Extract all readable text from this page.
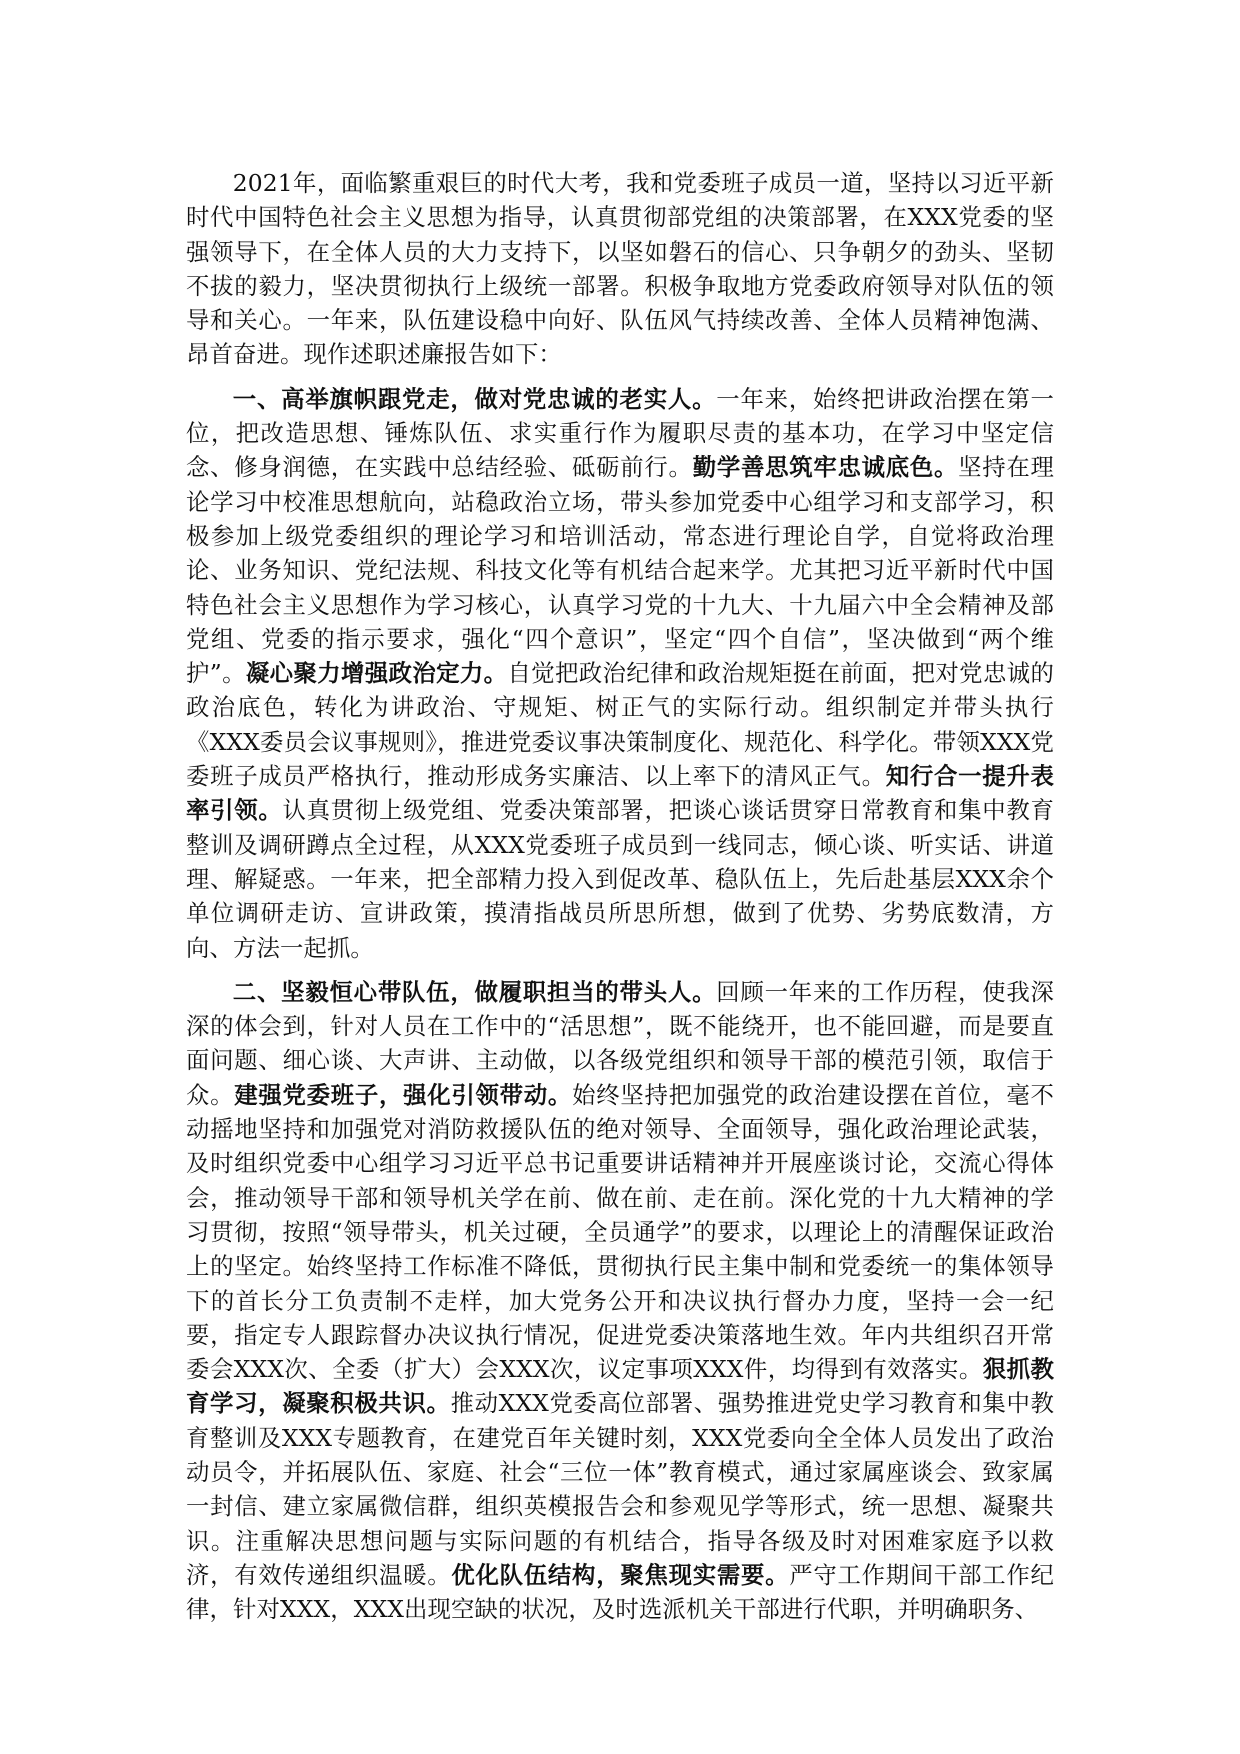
2021年，面临繁重艰巨的时代大考，我和党委班子成员一道，坚持以习近平新时代中国特色社会主义思想为指导，认真贯彻部党组的决策部署，在XXX党委的坚强领导下，在全体人员的大力支持下，以坚如磐石的信心、只争朝夕的劲头、坚韧不拔的毅力，坚决贯彻执行上级统一部署。积极争取地方党委政府领导对队伍的领导和关心。一年来，队伍建设稳中向好、队伍风气持续改善、全体人员精神饱满、昂首奋进。现作述职述廉报告如下：

一、高举旗帜跟党走，做对党忠诚的老实人。一年来，始终把讲政治摆在第一位，把改造思想、锤炼队伍、求实重行作为履职尽责的基本功，在学习中坚定信念、修身润德，在实践中总结经验、砥砺前行。勤学善思筑牢忠诚底色。坚持在理论学习中校准思想航向，站稳政治立场，带头参加党委中心组学习和支部学习，积极参加上级党委组织的理论学习和培训活动，常态进行理论自学，自觉将政治理论、业务知识、党纪法规、科技文化等有机结合起来学。尤其把习近平新时代中国特色社会主义思想作为学习核心，认真学习党的十九大、十九届六中全会精神及部党组、党委的指示要求，强化“四个意识”，坚定“四个自信”，坚决做到“两个维护”。凝心聚力增强政治定力。自觉把政治纪律和政治规矩挺在前面，把对党忠诚的政治底色，转化为讲政治、守规矩、树正气的实际行动。组织制定并带头执行《XXX委员会议事规则》，推进党委议事决策制度化、规范化、科学化。带领XXX党委班子成员严格执行，推动形成务实廉洁、以上率下的清风正气。知行合一提升表率引领。认真贯彻上级党组、党委决策部署，把谈心谈话贯穿日常教育和集中教育整训及调研蹲点全过程，从XXX党委班子成员到一线同志，倾心谈、听实话、讲道理、解疑惑。一年来，把全部精力投入到促改革、稳队伍上，先后赴基层XXX余个单位调研走访、宣讲政策，摸清指战员所思所想，做到了优势、劣势底数清，方向、方法一起抓。

二、坚毅恒心带队伍，做履职担当的带头人。回顾一年来的工作历程，使我深深的体会到，针对人员在工作中的“活思想”，既不能绕开，也不能回避，而是要直面问题、细心谈、大声讲、主动做，以各级党组织和领导干部的模范引领，取信于众。建强党委班子，强化引领带动。始终坚持把加强党的政治建设摆在首位，毫不动摇地坚持和加强党对消防救援队伍的绝对领导、全面领导，强化政治理论武装，及时组织党委中心组学习习近平总书记重要讲话精神并开展座谈讨论，交流心得体会，推动领导干部和领导机关学在前、做在前、走在前。深化党的十九大精神的学习贯彻，按照“领导带头，机关过硬，全员通学”的要求，以理论上的清醒保证政治上的坚定。始终坚持工作标准不降低，贯彻执行民主集中制和党委统一的集体领导下的首长分工负责制不走样，加大党务公开和决议执行督办力度，坚持一会一纪要，指定专人跟踪督办决议执行情况，促进党委决策落地生效。年内共组织召开常委会XXX次、全委（扩大）会XXX次，议定事项XXX件，均得到有效落实。狠抓教育学习，凝聚积极共识。推动XXX党委高位部署、强势推进党史学习教育和集中教育整训及XXX专题教育，在建党百年关键时刻，XXX党委向全全体人员发出了政治动员令，并拓展队伍、家庭、社会“三位一体”教育模式，通过家属座谈会、致家属一封信、建立家属微信群，组织英模报告会和参观见学等形式，统一思想、凝聚共识。注重解决思想问题与实际问题的有机结合，指导各级及时对困难家庭予以救济，有效传递组织温暖。优化队伍结构，聚焦现实需要。严守工作期间干部工作纪律，针对XXX，XXX出现空缺的状况，及时选派机关干部进行代职，并明确职务、
